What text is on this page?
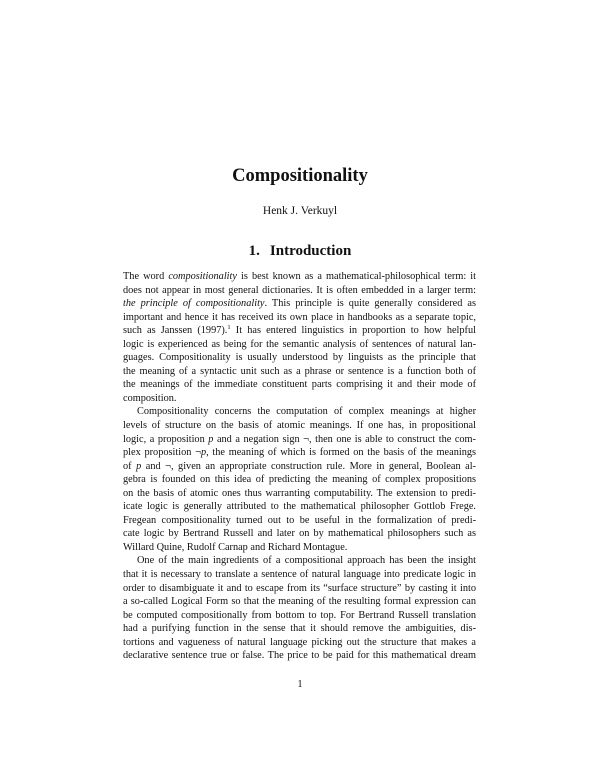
Compositionality
Henk J. Verkuyl
1. Introduction
The word compositionality is best known as a mathematical-philosophical term: it
does not appear in most general dictionaries. It is often embedded in a larger term:
the principle of compositionality. This principle is quite generally considered as
important and hence it has received its own place in handbooks as a separate topic,
such as Janssen (1997).$^1$ It has entered linguistics in proportion to how helpful
logic is experienced as being for the semantic analysis of sentences of natural lan-
guages. Compositionality is usually understood by linguists as the principle that
the meaning of a syntactic unit such as a phrase or sentence is a function both of
the meanings of the immediate constituent parts comprising it and their mode of
composition.
Compositionality concerns the computation of complex meanings at higher
levels of structure on the basis of atomic meanings. If one has, in propositional
logic, a proposition p and a negation sign ¬, then one is able to construct the com-
plex proposition ¬p, the meaning of which is formed on the basis of the meanings
of p and ¬, given an appropriate construction rule. More in general, Boolean al-
gebra is founded on this idea of predicting the meaning of complex propositions
on the basis of atomic ones thus warranting computability. The extension to predi-
icate logic is generally attributed to the mathematical philosopher Gottlob Frege.
Fregean compositionality turned out to be useful in the formalization of predi-
cate logic by Bertrand Russell and later on by mathematical philosophers such as
Willard Quine, Rudolf Carnap and Richard Montague.
One of the main ingredients of a compositional approach has been the insight
that it is necessary to translate a sentence of natural language into predicate logic in
order to disambiguate it and to escape from its “surface structure” by casting it into
a so-called Logical Form so that the meaning of the resulting formal expression can
be computed compositionally from bottom to top. For Bertrand Russell translation
had a purifying function in the sense that it should remove the ambiguities, dis-
tortions and vagueness of natural language picking out the structure that makes a
declarative sentence true or false. The price to be paid for this mathematical dream
1
